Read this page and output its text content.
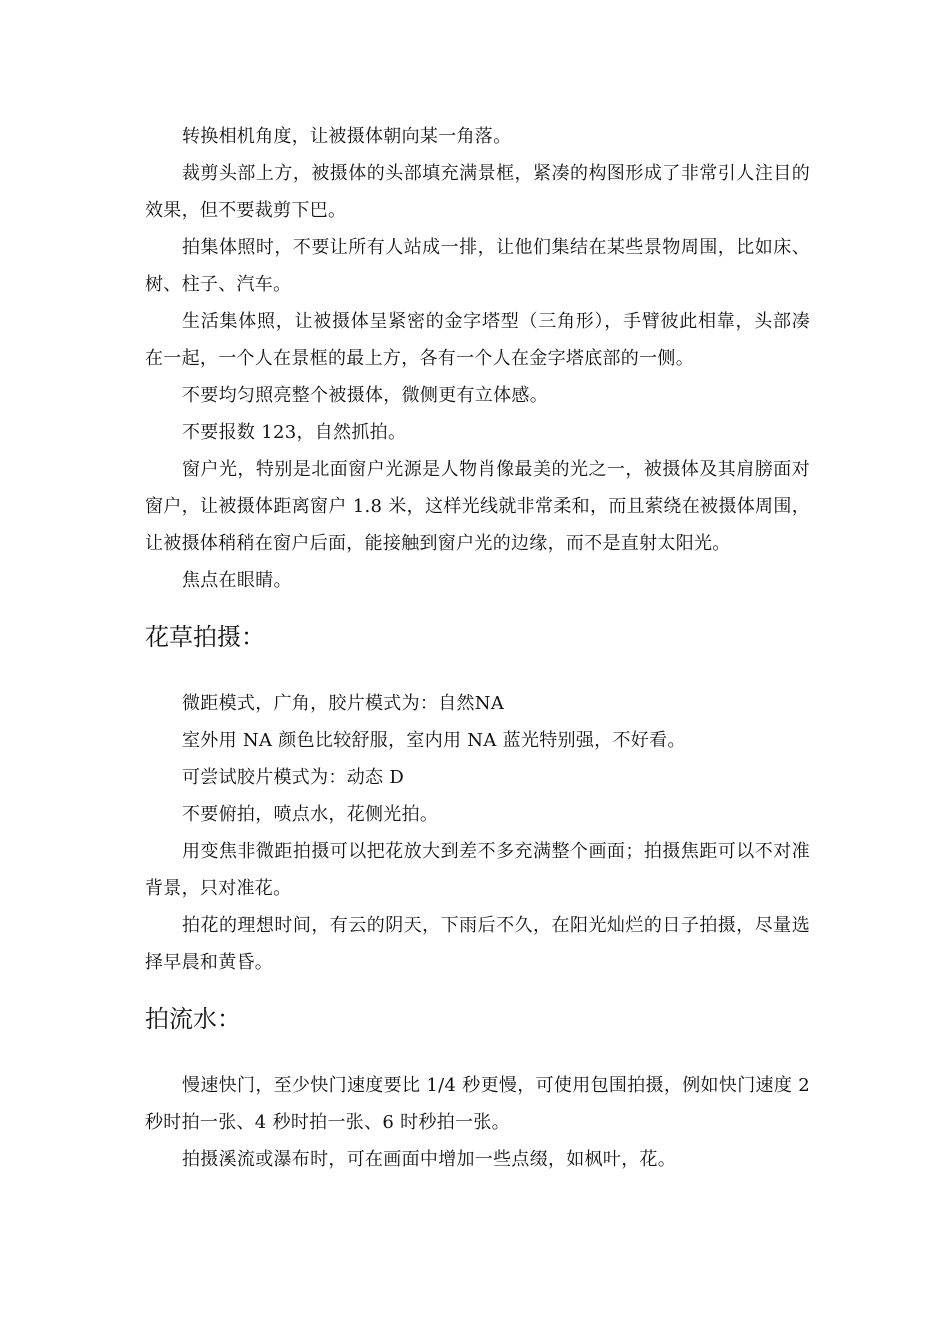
转换相机角度，让被摄体朝向某一角落。

裁剪头部上方，被摄体的头部填充满景框，紧凑的构图形成了非常引人注目的效果，但不要裁剪下巴。

拍集体照时，不要让所有人站成一排，让他们集结在某些景物周围，比如床、树、柱子、汽车。

生活集体照，让被摄体呈紧密的金字塔型（三角形），手臂彼此相靠，头部凑在一起，一个人在景框的最上方，各有一个人在金字塔底部的一侧。

不要均匀照亮整个被摄体，微侧更有立体感。

不要报数 123，自然抓拍。

窗户光，特别是北面窗户光源是人物肖像最美的光之一，被摄体及其肩膀面对窗户，让被摄体距离窗户 1.8 米，这样光线就非常柔和，而且萦绕在被摄体周围，让被摄体稍稍在窗户后面，能接触到窗户光的边缘，而不是直射太阳光。

焦点在眼睛。

花草拍摄：

微距模式，广角，胶片模式为：自然NA

室外用 NA 颜色比较舒服，室内用 NA 蓝光特别强，不好看。

可尝试胶片模式为：动态 D

不要俯拍，喷点水，花侧光拍。

用变焦非微距拍摄可以把花放大到差不多充满整个画面；拍摄焦距可以不对准背景，只对准花。

拍花的理想时间，有云的阴天，下雨后不久，在阳光灿烂的日子拍摄，尽量选择早晨和黄昏。

拍流水：

慢速快门，至少快门速度要比 1/4 秒更慢，可使用包围拍摄，例如快门速度 2 秒时拍一张、4 秒时拍一张、6 时秒拍一张。

拍摄溪流或瀑布时，可在画面中增加一些点缀，如枫叶，花。
